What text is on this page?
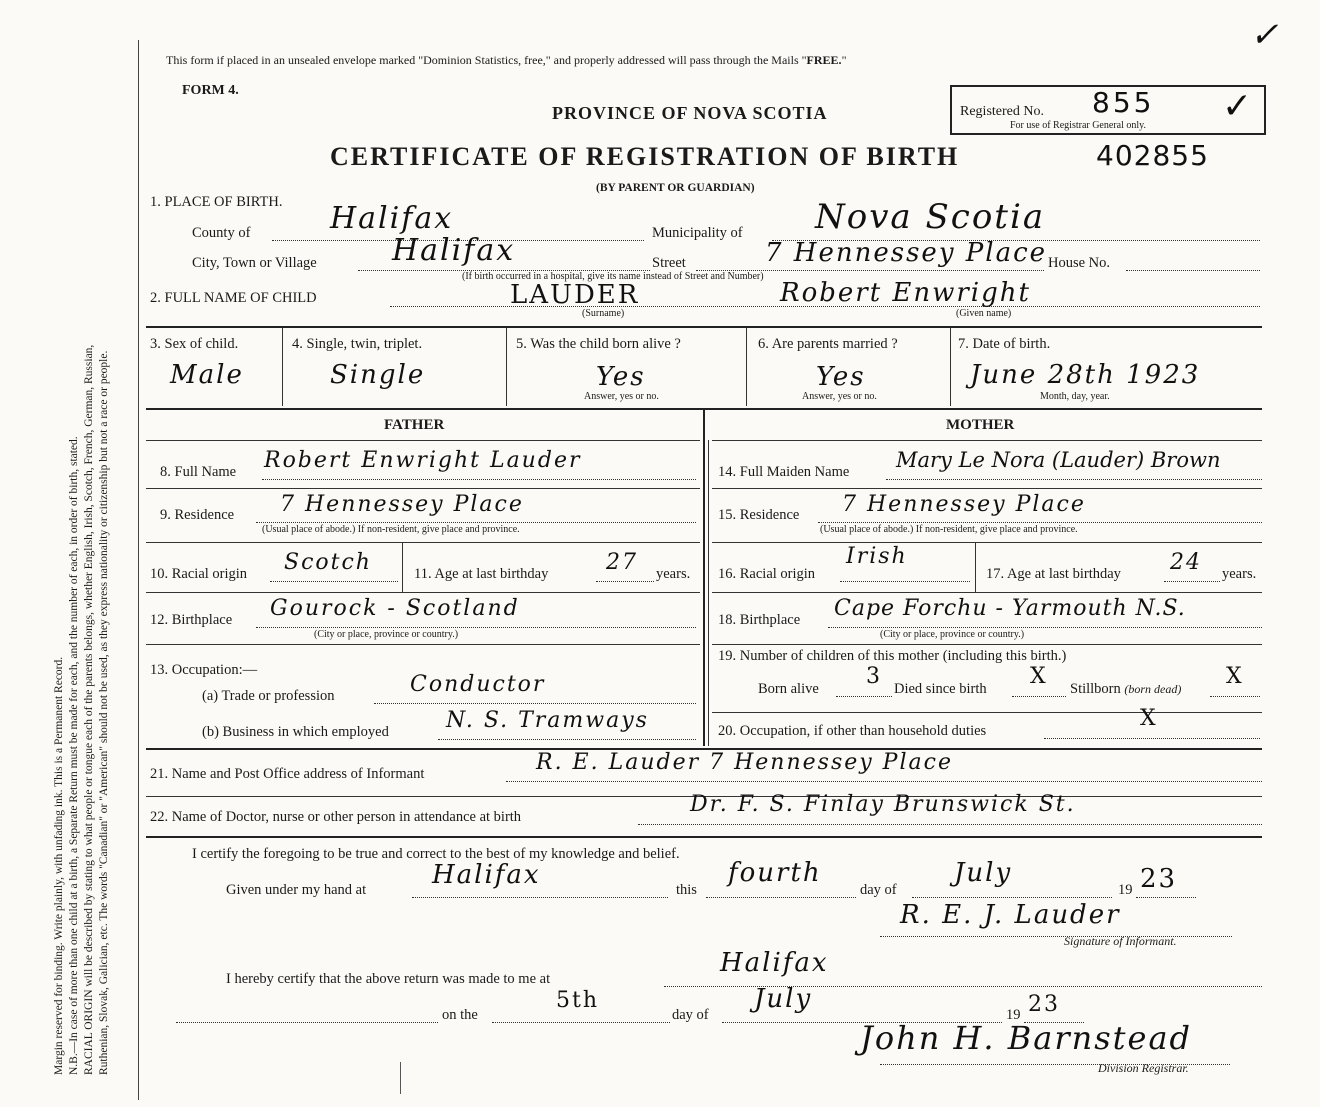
Margin reserved for binding. Write plainly, with unfading ink. This is a Permanent Record. N.B.—In case of more than one child at a birth, a Separate Return must be made for each, and the number of each, in order of birth, stated. RACIAL ORIGIN will be described by stating to what people or tongue each of the parents belongs, whether English, Irish, Scotch, French, German, Russian, Ruthenian, Slovak, Galician, etc. The words "Canadian" or "American" should not be used, as they express nationality or citizenship but not a race or people.
✓
This form if placed in an unsealed envelope marked "Dominion Statistics, free," and properly addressed will pass through the Mails "FREE."
FORM 4.
PROVINCE OF NOVA SCOTIA	Registered No. 855
For use of Registrar General only. ✓
CERTIFICATE OF REGISTRATION OF BIRTH	402855
(BY PARENT OR GUARDIAN)
1. PLACE OF BIRTH.
County of	Halifax	Municipality of Nova Scotia
City, Town or Village	Halifax	Street	7 Hennessey Place House No.
(If birth occurred in a hospital, give its name instead of Street and Number)
2. FULL NAME OF CHILD	LAUDER
(Surname)
Robert Enwright
(Given name)
3. Sex of child.
Male
4. Single, twin, triplet.
Single
5. Was the child born alive ?
Yes
Answer, yes or no.
6. Are parents married ?
Yes
Answer, yes or no.
7. Date of birth.
June 28th 1923
Month, day, year.
FATHER	MOTHER
8. Full Name Robert Enwright Lauder	14. Full Maiden Name Mary Le Nora (Lauder) Brown
9. Residence 7 Hennessey Place
(Usual place of abode.) If non-resident, give place and province.
15. Residence 7 Hennessey Place
(Usual place of abode.) If non-resident, give place and province.
10. Racial origin Scotch	11. Age at last birthday	27 years. 16. Racial origin
Irish
17. Age at last birthday 24 years.
12. Birthplace Gourock - Scotland
(City or place, province or country.)
18. Birthplace Cape Forchu - Yarmouth N.S.
(City or place, province or country.)
13. Occupation:—
(a) Trade or profession	Conductor
(b) Business in which employed	N. S. Tramways
19. Number of children of this mother (including this birth.)
Born alive 3 Died since birth X Stillborn (born dead) X
20. Occupation, if other than household duties	X
21. Name and Post Office address of Informant	R. E. Lauder 7 Hennessey Place
22. Name of Doctor, nurse or other person in attendance at birth	Dr. F. S. Finlay Brunswick St.
I certify the foregoing to be true and correct to the best of my knowledge and belief.
Given under my hand at	Halifax	this
fourth
day of
July
19 23
R. E. J. Lauder
Signature of Informant.
Halifax
I hereby certify that the above return was made to me at
on the
5th
day of
July
19 23
John H. Barnstead
Division Registrar.
